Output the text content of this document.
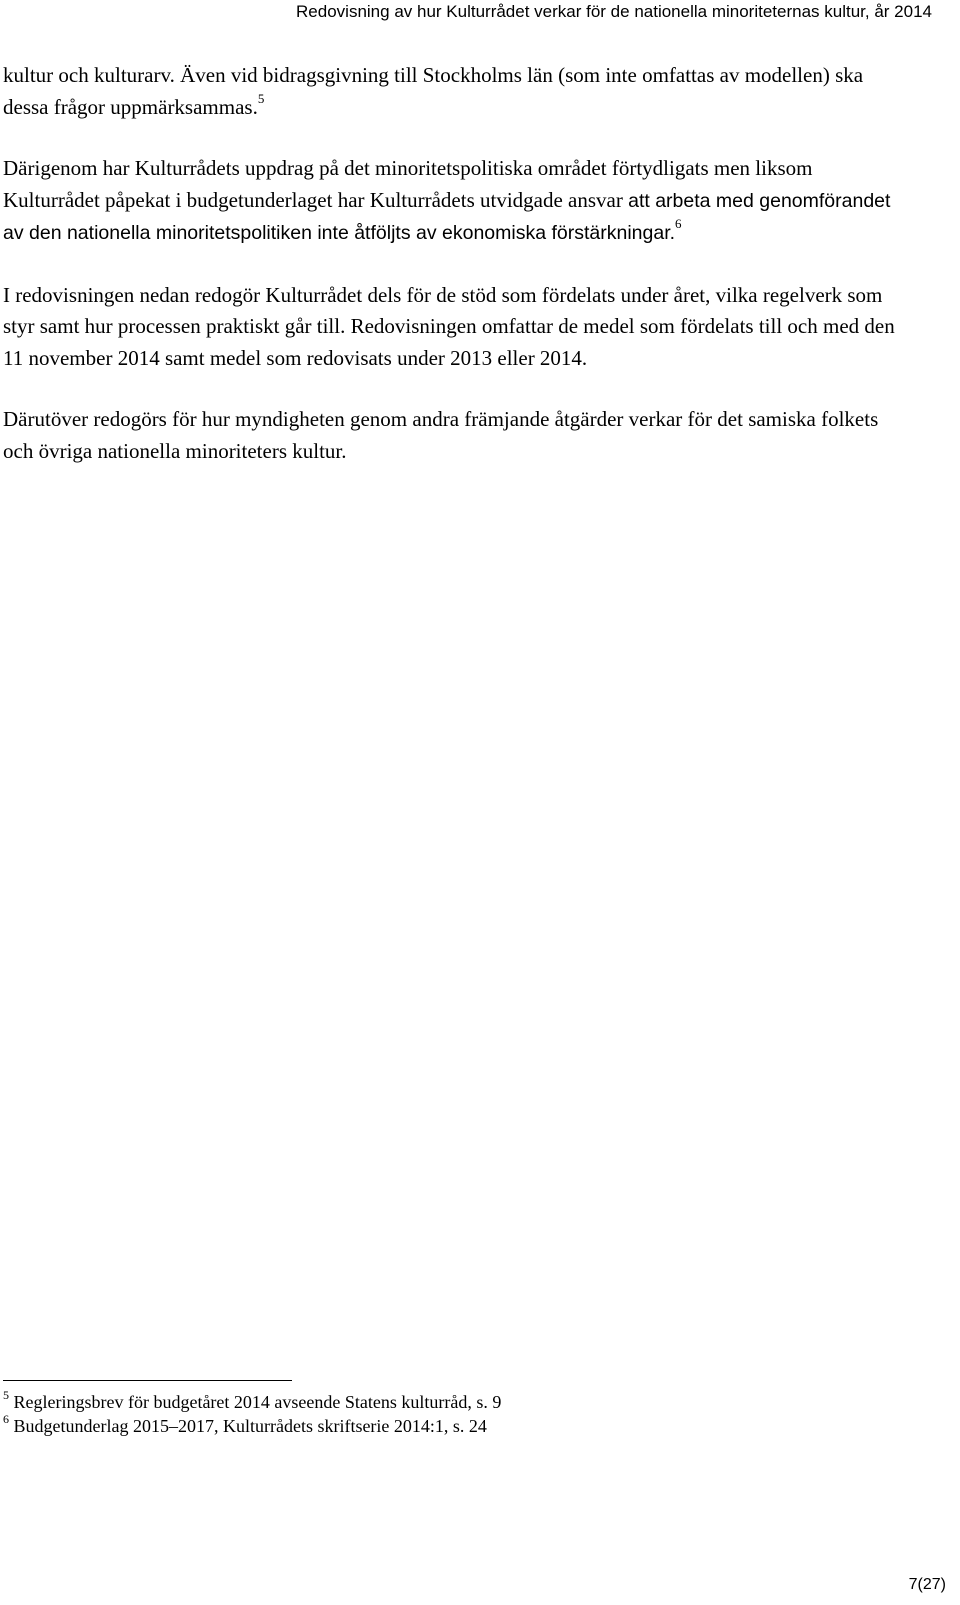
Redovisning av hur Kulturrådet verkar för de nationella minoriteternas kultur, år 2014

kultur och kulturarv. Även vid bidragsgivning till Stockholms län (som inte omfattas av modellen) ska dessa frågor uppmärksammas.$^5$

Därigenom har Kulturrådets uppdrag på det minoritetspolitiska området förtydligats men liksom Kulturrådet påpekat i budgetunderlaget har Kulturrådets utvidgade ansvar att arbeta med genomförandet av den nationella minoritetspolitiken inte åtföljts av ekonomiska förstärkningar.$^6$

I redovisningen nedan redogör Kulturrådet dels för de stöd som fördelats under året, vilka regelverk som styr samt hur processen praktiskt går till. Redovisningen omfattar de medel som fördelats till och med den 11 november 2014 samt medel som redovisats under 2013 eller 2014.

Därutöver redogörs för hur myndigheten genom andra främjande åtgärder verkar för det samiska folkets och övriga nationella minoriteters kultur.

$^5$ Regleringsbrev för budgetåret 2014 avseende Statens kulturråd, s. 9
$^6$ Budgetunderlag 2015–2017, Kulturrådets skriftserie 2014:1, s. 24
7(27)
